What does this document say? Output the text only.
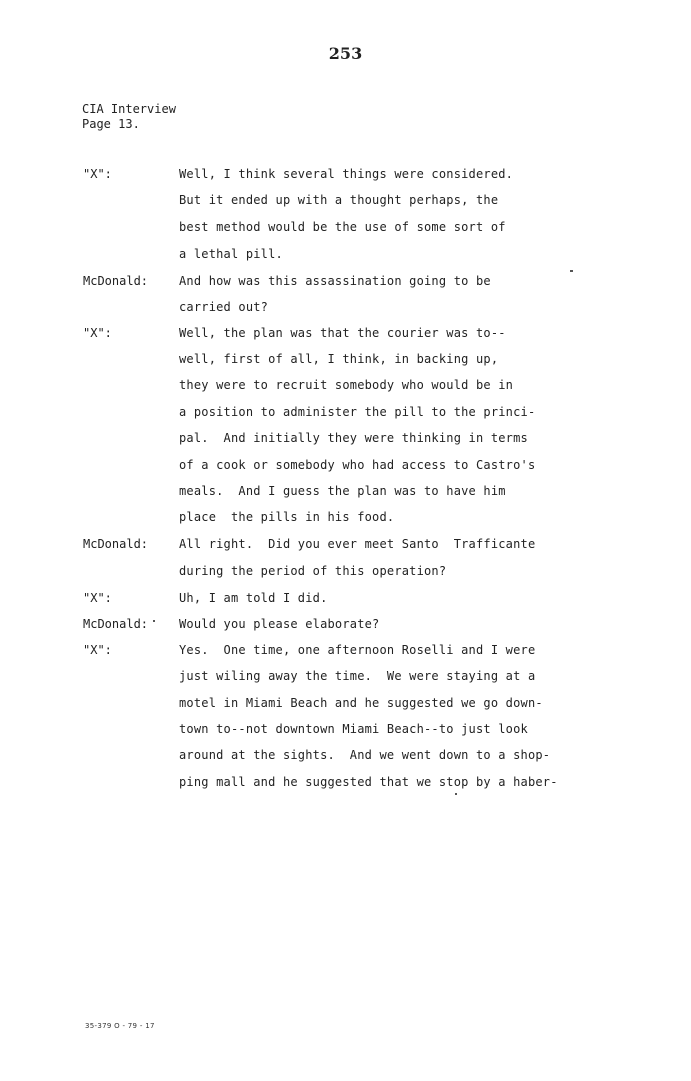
253
CIA Interview
Page 13.
"X":
McDonald:
"X":
McDonald:
"X":
McDonald:
"X":
Well, I think several things were considered.
But it ended up with a thought perhaps, the
best method would be the use of some sort of
a lethal pill.
And how was this assassination going to be
carried out?
Well, the plan was that the courier was to--
well, first of all, I think, in backing up,
they were to recruit somebody who would be in
a position to administer the pill to the princi-
pal.  And initially they were thinking in terms
of a cook or somebody who had access to Castro's
meals.  And I guess the plan was to have him
place  the pills in his food.
All right.  Did you ever meet Santo  Trafficante
during the period of this operation?
Uh, I am told I did.
Would you please elaborate?
Yes.  One time, one afternoon Roselli and I were
just wiling away the time.  We were staying at a
motel in Miami Beach and he suggested we go down-
town to--not downtown Miami Beach--to just look
around at the sights.  And we went down to a shop-
ping mall and he suggested that we stop by a haber-
35-379 O - 79 - 17
